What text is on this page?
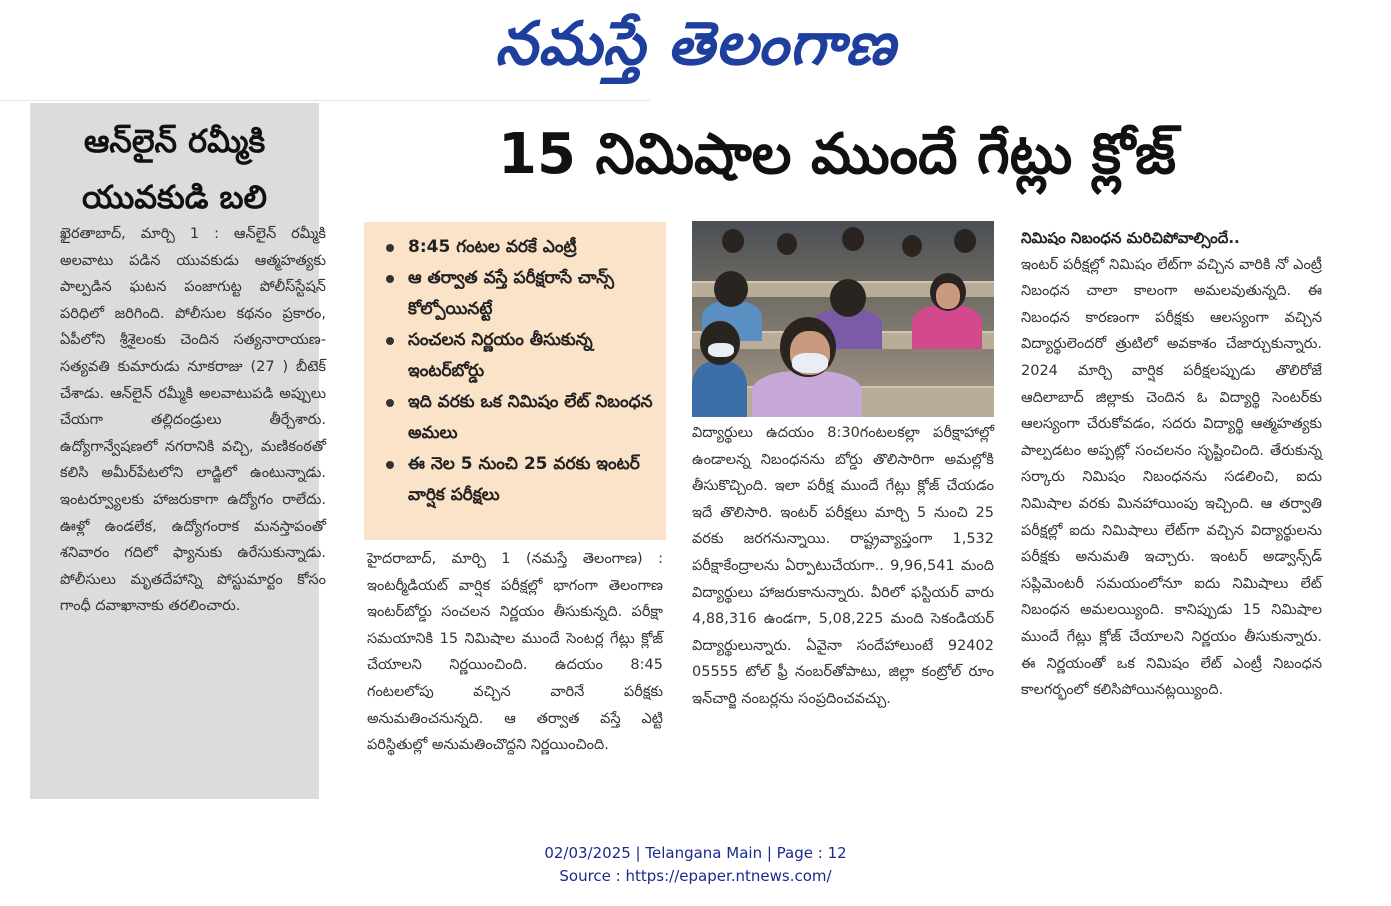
నమస్తే తెలంగాణ
ఆన్‌లైన్ రమ్మీకి
యువకుడి బలి

ఖైరతాబాద్, మార్చి 1 : ఆన్‌లైన్ రమ్మీకి అలవాటు పడిన యువకుడు ఆత్మహత్యకు పాల్పడిన ఘటన పంజాగుట్ట పోలీస్‌స్టేషన్ పరిధిలో జరిగింది. పోలీసుల కథనం ప్రకారం, ఏపీలోని శ్రీశైలంకు చెందిన సత్యనారాయణ-సత్యవతి కుమారుడు నూకరాజు (27 ) బీటెక్ చేశాడు. ఆన్‌లైన్ రమ్మీకి అలవాటుపడి అప్పులు చేయగా తల్లిదండ్రులు తీర్చేశారు. ఉద్యోగాన్వేషణలో నగరానికి వచ్చి, మణికంఠతో కలిసి అమీర్‌పేటలోని లాడ్జిలో ఉంటున్నాడు. ఇంటర్వ్యూలకు హాజరుకాగా ఉద్యోగం రాలేదు. ఊళ్లో ఉండలేక, ఉద్యోగంరాక మనస్తాపంతో శనివారం గదిలో ఫ్యానుకు ఉరేసుకున్నాడు. పోలీసులు మృతదేహాన్ని పోస్టుమార్టం కోసం గాంధీ దవాఖానాకు తరలించారు.

15 నిమిషాల ముందే గేట్లు క్లోజ్
8:45 గంటల వరకే ఎంట్రీ
ఆ తర్వాత వస్తే పరీక్షరాసే చాన్స్ కోల్పోయినట్టే
సంచలన నిర్ణయం తీసుకున్న ఇంటర్‌బోర్డు
ఇది వరకు ఒక నిమిషం లేట్ నిబంధన అమలు
ఈ నెల 5 నుంచి 25 వరకు ఇంటర్ వార్షిక పరీక్షలు

హైదరాబాద్, మార్చి 1 (నమస్తే తెలంగాణ) : ఇంటర్మీడియట్ వార్షిక పరీక్షల్లో భాగంగా తెలంగాణ ఇంటర్‌బోర్డు సంచలన నిర్ణయం తీసుకున్నది. పరీక్షా సమయానికి 15 నిమిషాల ముందే సెంటర్ల గేట్లు క్లోజ్ చేయాలని నిర్ణయించింది. ఉదయం 8:45 గంటలలోపు వచ్చిన వారినే పరీక్షకు అనుమతించనున్నది. ఆ తర్వాత వస్తే ఎట్టి పరిస్థితుల్లో అనుమతించొద్దని నిర్ణయించింది.

విద్యార్థులు ఉదయం 8:30గంటలకల్లా పరీక్షాహాల్లో ఉండాలన్న నిబంధనను బోర్డు తొలిసారిగా అమల్లోకి తీసుకొచ్చింది. ఇలా పరీక్ష ముందే గేట్లు క్లోజ్ చేయడం ఇదే తొలిసారి. ఇంటర్ పరీక్షలు మార్చి 5 నుంచి 25 వరకు జరగనున్నాయి. రాష్ట్రవ్యాప్తంగా 1,532 పరీక్షాకేంద్రాలను ఏర్పాటుచేయగా.. 9,96,541 మంది విద్యార్థులు హాజరుకానున్నారు. వీరిలో ఫస్టియర్ వారు 4,88,316 ఉండగా, 5,08,225 మంది సెకండియర్ విద్యార్థులున్నారు. ఏవైనా సందేహాలుంటే 92402 05555 టోల్ ఫ్రీ నంబర్‌తోపాటు, జిల్లా కంట్రోల్ రూం ఇన్‌చార్జి నంబర్లను సంప్రదించవచ్చు.

నిమిషం నిబంధన మరిచిపోవాల్సిందే..

ఇంటర్ పరీక్షల్లో నిమిషం లేట్‌గా వచ్చిన వారికి నో ఎంట్రీ నిబంధన చాలా కాలంగా అమలవుతున్నది. ఈ నిబంధన కారణంగా పరీక్షకు ఆలస్యంగా వచ్చిన విద్యార్థులెందరో త్రుటిలో అవకాశం చేజార్చుకున్నారు. 2024 మార్చి వార్షిక పరీక్షలప్పుడు తొలిరోజే ఆదిలాబాద్ జిల్లాకు చెందిన ఓ విద్యార్థి సెంటర్‌కు ఆలస్యంగా చేరుకోవడం, సదరు విద్యార్థి ఆత్మహత్యకు పాల్పడటం అప్పట్లో సంచలనం సృష్టించింది. తేరుకున్న సర్కారు నిమిషం నిబంధనను సడలించి, ఐదు నిమిషాల వరకు మినహాయింపు ఇచ్చింది. ఆ తర్వాతి పరీక్షల్లో ఐదు నిమిషాలు లేట్‌గా వచ్చిన విద్యార్థులను పరీక్షకు అనుమతి ఇచ్చారు. ఇంటర్ అడ్వాన్స్‌డ్ సప్లిమెంటరీ సమయంలోనూ ఐదు నిమిషాలు లేట్ నిబంధన అమలయ్యింది. కానిప్పుడు 15 నిమిషాల ముందే గేట్లు క్లోజ్ చేయాలని నిర్ణయం తీసుకున్నారు. ఈ నిర్ణయంతో ఒక నిమిషం లేట్ ఎంట్రీ నిబంధన కాలగర్భంలో కలిసిపోయినట్లయ్యింది.

02/03/2025 | Telangana Main | Page : 12
Source : https://epaper.ntnews.com/
